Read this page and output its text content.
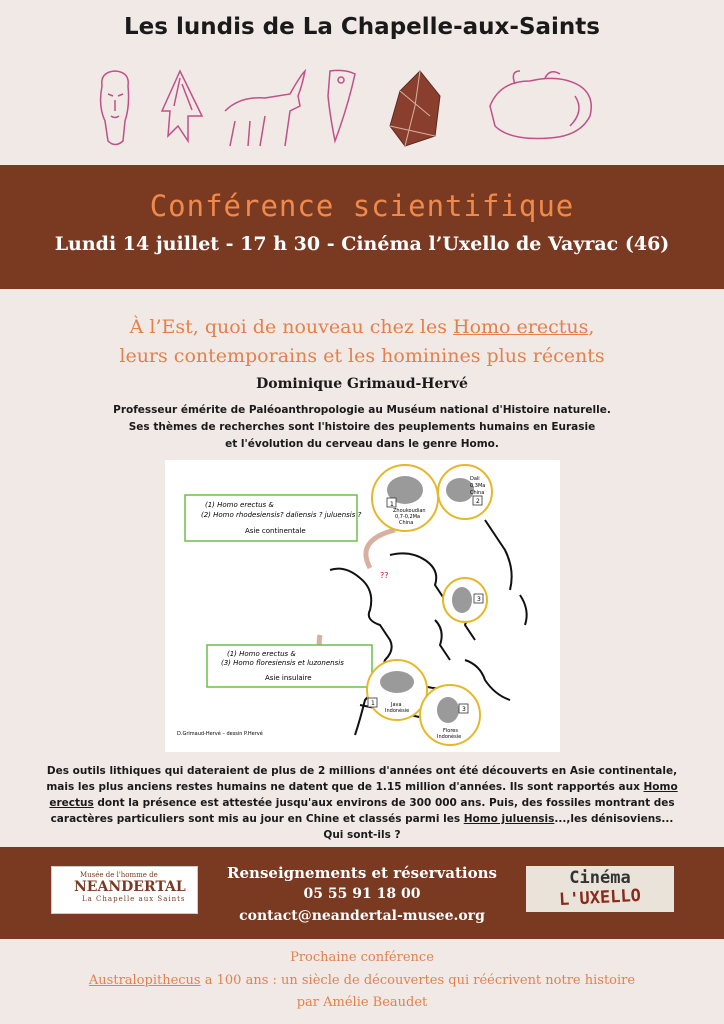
Les lundis de La Chapelle-aux-Saints
Conférence scientifique
Lundi 14 juillet - 17 h 30 - Cinéma l’Uxello de Vayrac (46)
À l’Est, quoi de nouveau chez les Homo erectus,
leurs contemporains et les hominines plus récents
Dominique Grimaud-Hervé
Professeur émérite de Paléoanthropologie au Muséum national d'Histoire naturelle.
Ses thèmes de recherches sont l'histoire des peuplements humains en Eurasie
et l'évolution du cerveau dans le genre Homo.
(1) Homo erectus &
(2) Homo rhodesiensis? daliensis ? juluensis ?
Asie continentale
(1) Homo erectus &
(3) Homo floresiensis et luzonensis
Asie insulaire
??
1
Zhoukoudian
0,7-0,2Ma
China
2
Dali
0,3Ma
China
3
1	Java
Indonésie	3
Flores
Indonésie
D.Grimaud-Hervé – dessin P.Hervé
Des outils lithiques qui dateraient de plus de 2 millions d'années ont été découverts en Asie continentale,
mais les plus anciens restes humains ne datent que de 1.15 million d'années. Ils sont rapportés aux Homo
erectus dont la présence est attestée jusqu'aux environs de 300 000 ans. Puis, des fossiles montrant des
caractères particuliers sont mis au jour en Chine et classés parmi les Homo juluensis...,les dénisoviens...
Qui sont-ils ?
Musée de l'homme de
NEANDERTAL
La Chapelle aux Saints
Cinéma
L'UXELLO
Renseignements et réservations
05 55 91 18 00
contact@neandertal-musee.org
Prochaine conférence
Australopithecus a 100 ans : un siècle de découvertes qui réécrivent notre histoire
par Amélie Beaudet
